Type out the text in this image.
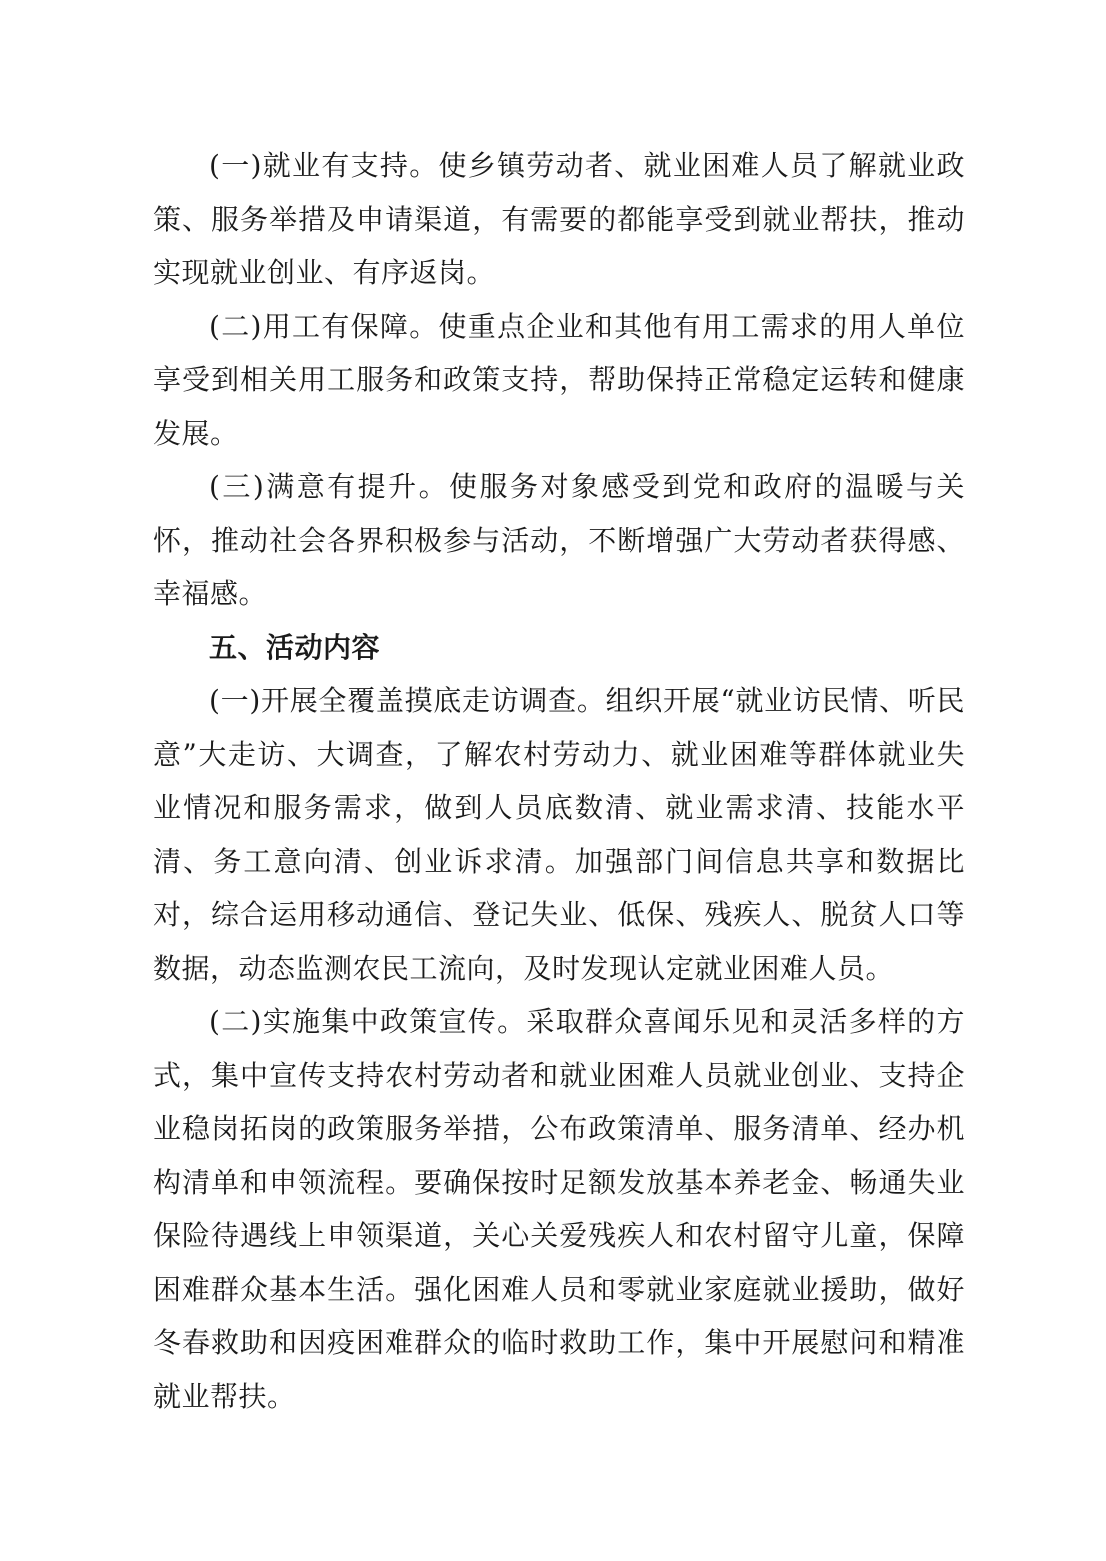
(一)就业有支持。使乡镇劳动者、就业困难人员了解就业政策、服务举措及申请渠道，有需要的都能享受到就业帮扶，推动实现就业创业、有序返岗。

(二)用工有保障。使重点企业和其他有用工需求的用人单位享受到相关用工服务和政策支持，帮助保持正常稳定运转和健康发展。

(三)满意有提升。使服务对象感受到党和政府的温暖与关怀，推动社会各界积极参与活动，不断增强广大劳动者获得感、幸福感。

五、活动内容

(一)开展全覆盖摸底走访调查。组织开展“就业访民情、听民意”大走访、大调查，了解农村劳动力、就业困难等群体就业失业情况和服务需求，做到人员底数清、就业需求清、技能水平清、务工意向清、创业诉求清。加强部门间信息共享和数据比对，综合运用移动通信、登记失业、低保、残疾人、脱贫人口等数据，动态监测农民工流向，及时发现认定就业困难人员。

(二)实施集中政策宣传。采取群众喜闻乐见和灵活多样的方式，集中宣传支持农村劳动者和就业困难人员就业创业、支持企业稳岗拓岗的政策服务举措，公布政策清单、服务清单、经办机构清单和申领流程。要确保按时足额发放基本养老金、畅通失业保险待遇线上申领渠道，关心关爱残疾人和农村留守儿童，保障困难群众基本生活。强化困难人员和零就业家庭就业援助，做好冬春救助和因疫困难群众的临时救助工作，集中开展慰问和精准就业帮扶。
